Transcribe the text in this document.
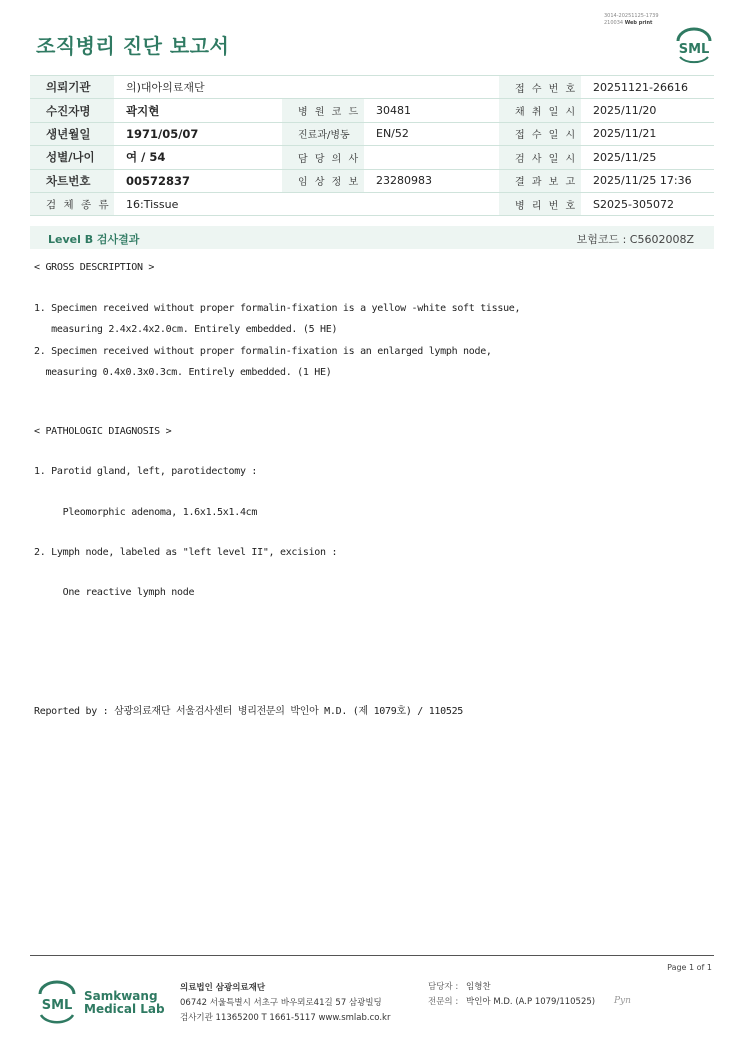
3014-20251125-1739
210034 Web print
조직병리 진단 보고서	SML
의뢰기관	의)대아의료재단			접 수 번 호	20251121-26616
수진자명	곽지현	병 원 코 드	30481	채 취 일 시	2025/11/20
생년월일	1971/05/07	진료과/병동	EN/52	접 수 일 시	2025/11/21
성별/나이	여 / 54	담 당 의 사		검 사 일 시	2025/11/25
차트번호	00572837	임 상 정 보	23280983	결 과 보 고	2025/11/25 17:36
검 체 종 류	16:Tissue			병 리 번 호	S2025-305072
Level B 검사결과	보험코드 : C5602008Z
< GROSS DESCRIPTION >
1. Specimen received without proper formalin-fixation is a yellow -white soft tissue,
measuring 2.4x2.4x2.0cm. Entirely embedded. (5 HE)
2. Specimen received without proper formalin-fixation is an enlarged lymph node,
measuring 0.4x0.3x0.3cm. Entirely embedded. (1 HE)
< PATHOLOGIC DIAGNOSIS >
1. Parotid gland, left, parotidectomy :
Pleomorphic adenoma, 1.6x1.5x1.4cm
2. Lymph node, labeled as "left level II", excision :
One reactive lymph node
Reported by : 삼광의료재단 서울검사센터 병리전문의 박인아 M.D. (제 1079호) / 110525
Page 1 of 1
SML
Samkwang
Medical Lab
의료법인 삼광의료재단
06742 서울특별시 서초구 바우뫼로41길 57 삼광빌딩
검사기관 11365200 T 1661-5117 www.smlab.co.kr
담당자 : 임형찬
전문의 : 박인아 M.D. (A.P 1079/110525) Pyn
